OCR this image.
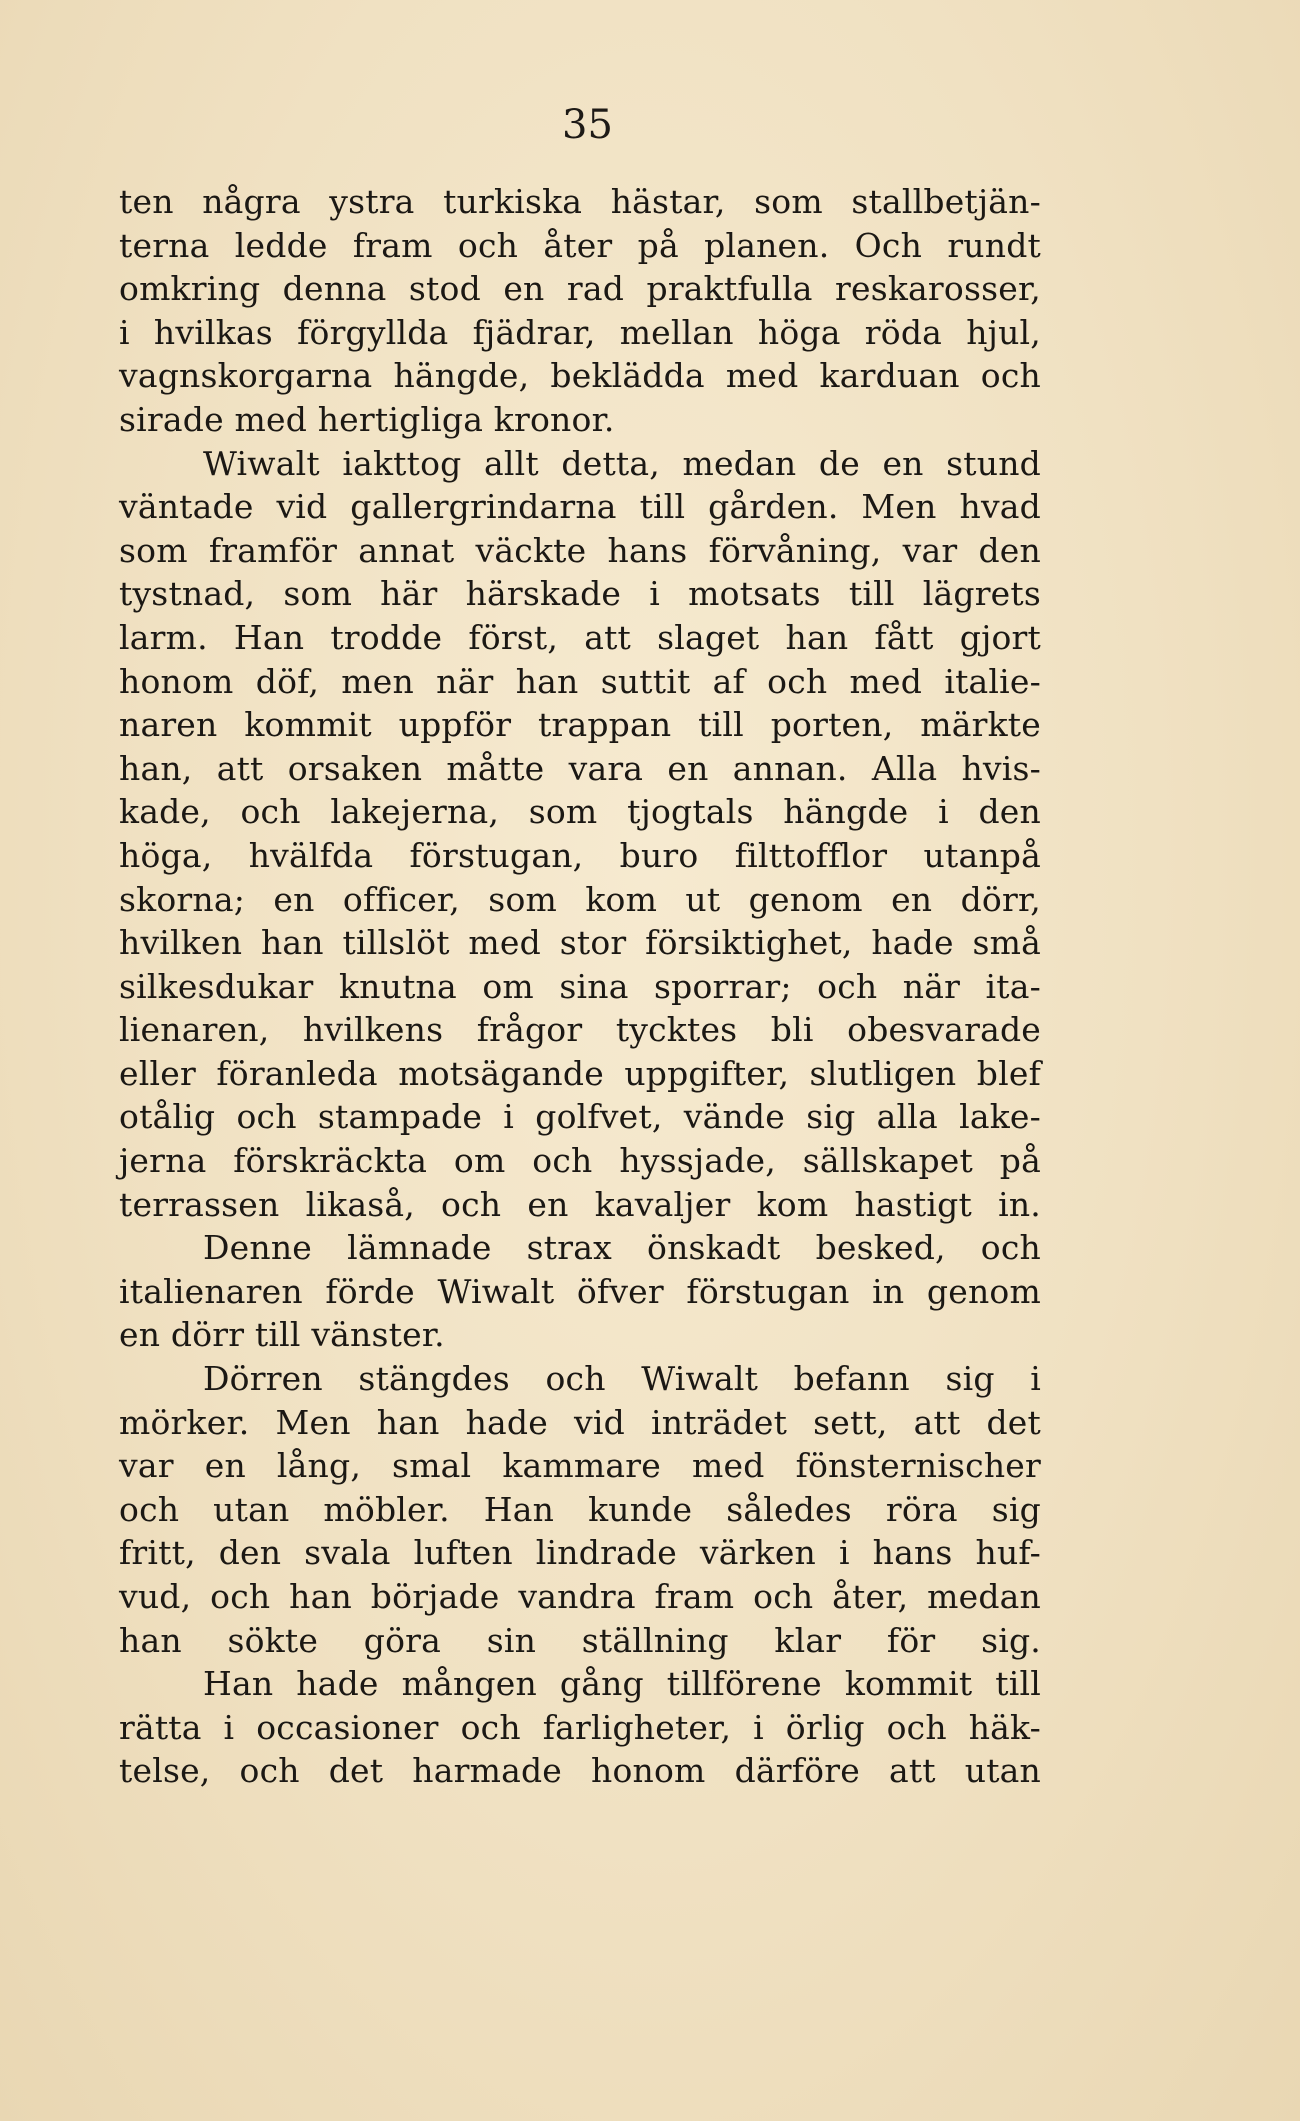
35
ten några ystra turkiska hästar, som stallbetjän-
terna ledde fram och åter på planen. Och rundt
omkring denna stod en rad praktfulla reskarosser,
i hvilkas förgyllda fjädrar, mellan höga röda hjul,
vagnskorgarna hängde, beklädda med karduan och
sirade med hertigliga kronor.
Wiwalt iakttog allt detta, medan de en stund
väntade vid gallergrindarna till gården. Men hvad
som framför annat väckte hans förvåning, var den
tystnad, som här härskade i motsats till lägrets
larm. Han trodde först, att slaget han fått gjort
honom döf, men när han suttit af och med italie-
naren kommit uppför trappan till porten, märkte
han, att orsaken måtte vara en annan. Alla hvis-
kade, och lakejerna, som tjogtals hängde i den
höga, hvälfda förstugan, buro filttofflor utanpå
skorna; en officer, som kom ut genom en dörr,
hvilken han tillslöt med stor försiktighet, hade små
silkesdukar knutna om sina sporrar; och när ita-
lienaren, hvilkens frågor tycktes bli obesvarade
eller föranleda motsägande uppgifter, slutligen blef
otålig och stampade i golfvet, vände sig alla lake-
jerna förskräckta om och hyssjade, sällskapet på
terrassen likaså, och en kavaljer kom hastigt in.
Denne lämnade strax önskadt besked, och
italienaren förde Wiwalt öfver förstugan in genom
en dörr till vänster.
Dörren stängdes och Wiwalt befann sig i
mörker. Men han hade vid inträdet sett, att det
var en lång, smal kammare med fönsternischer
och utan möbler. Han kunde således röra sig
fritt, den svala luften lindrade värken i hans huf-
vud, och han började vandra fram och åter, medan
han sökte göra sin ställning klar för sig.
Han hade mången gång tillförene kommit till
rätta i occasioner och farligheter, i örlig och häk-
telse, och det harmade honom därföre att utan
